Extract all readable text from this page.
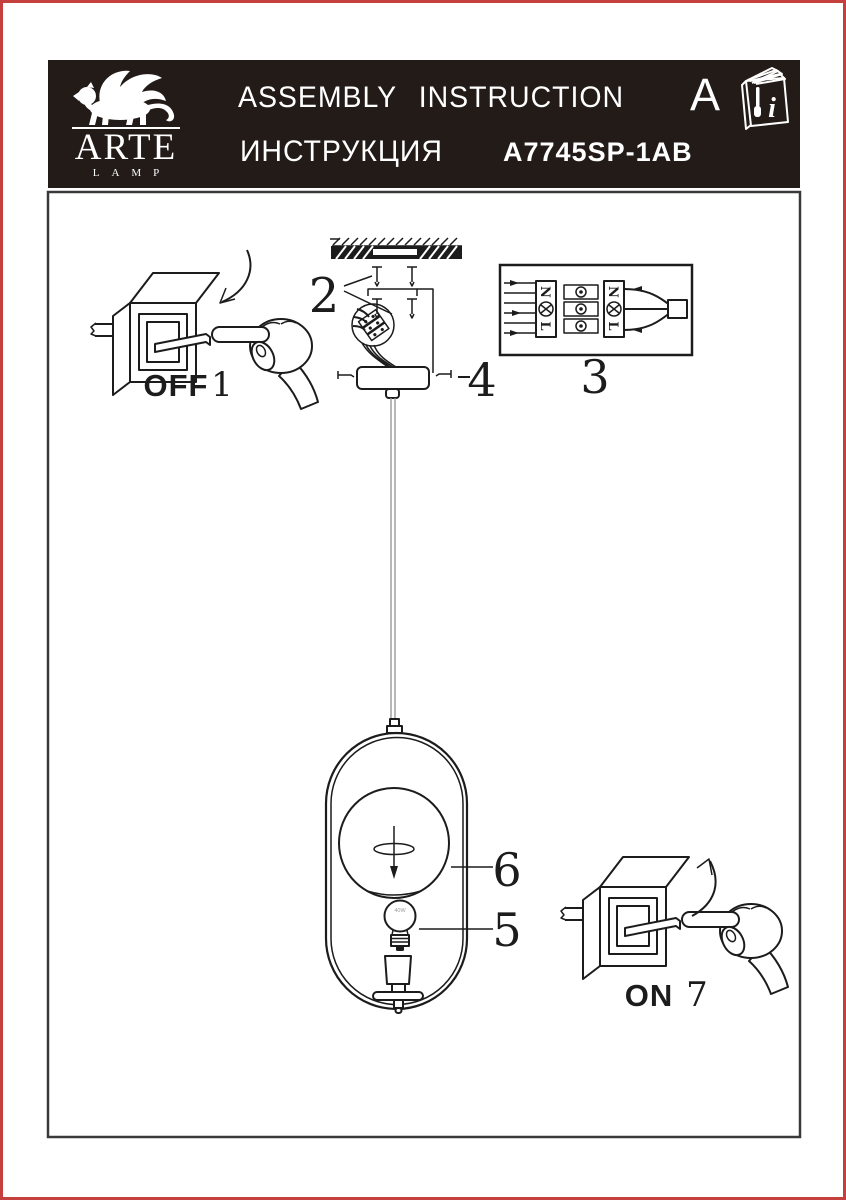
ARTE
LAMP
ASSEMBLY INSTRUCTION
ИНСТРУКЦИЯ A7745SP-1AB
A i
OFF 1
2
4
N
L
N
L
3
6
40W 5
ON 7
